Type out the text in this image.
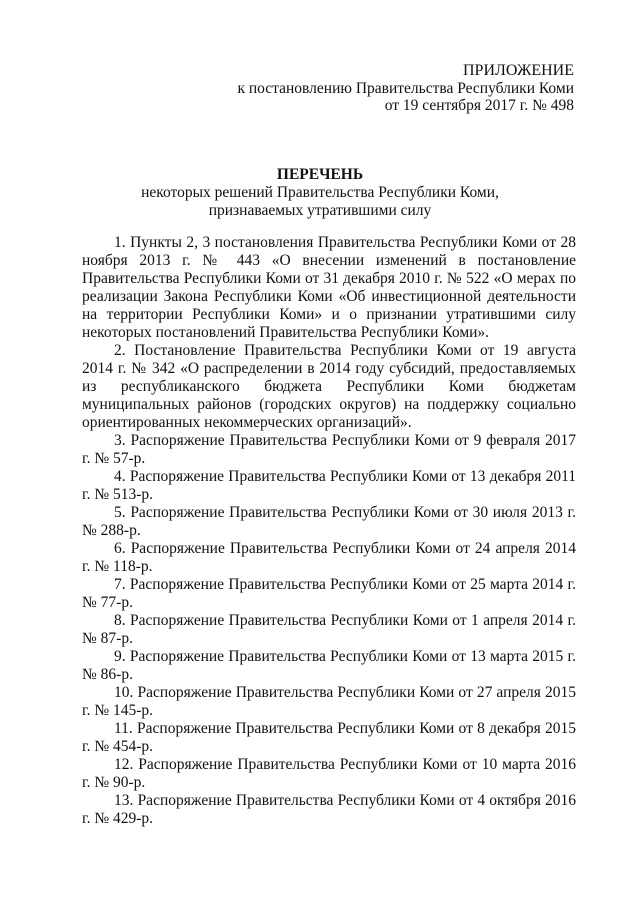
ПРИЛОЖЕНИЕ
к постановлению Правительства Республики Коми
от 19 сентября 2017 г. № 498
ПЕРЕЧЕНЬ
некоторых решений Правительства Республики Коми,
признаваемых утратившими силу

1. Пункты 2, 3 постановления Правительства Республики Коми от 28 ноября 2013 г. № 443 «О внесении изменений в постановление Правительства Республики Коми от 31 декабря 2010 г. № 522 «О мерах по реализации Закона Республики Коми «Об инвестиционной деятельности на территории Республики Коми» и о признании утратившими силу некоторых постановлений Правительства Республики Коми».

2. Постановление Правительства Республики Коми от 19 августа 2014 г. № 342 «О распределении в 2014 году субсидий, предоставляемых из республиканского бюджета Республики Коми бюджетам муниципальных районов (городских округов) на поддержку социально ориентированных некоммерческих организаций».

3. Распоряжение Правительства Республики Коми от 9 февраля 2017 г. № 57-р.

4. Распоряжение Правительства Республики Коми от 13 декабря 2011 г. № 513-р.

5. Распоряжение Правительства Республики Коми от 30 июля 2013 г. № 288-р.

6. Распоряжение Правительства Республики Коми от 24 апреля 2014 г. № 118-р.

7. Распоряжение Правительства Республики Коми от 25 марта 2014 г. № 77-р.

8. Распоряжение Правительства Республики Коми от 1 апреля 2014 г. № 87-р.

9. Распоряжение Правительства Республики Коми от 13 марта 2015 г. № 86-р.

10. Распоряжение Правительства Республики Коми от 27 апреля 2015 г. № 145-р.

11. Распоряжение Правительства Республики Коми от 8 декабря 2015 г. № 454-р.

12. Распоряжение Правительства Республики Коми от 10 марта 2016 г. № 90-р.

13. Распоряжение Правительства Республики Коми от 4 октября 2016 г. № 429-р.
